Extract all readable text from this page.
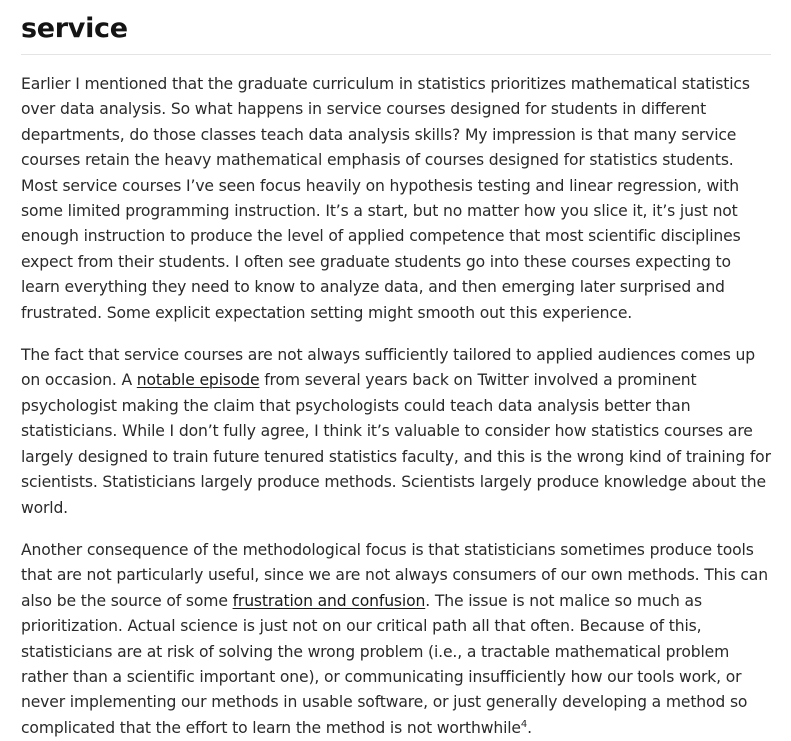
service

Earlier I mentioned that the graduate curriculum in statistics prioritizes mathematical statistics over data analysis. So what happens in service courses designed for students in different departments, do those classes teach data analysis skills? My impression is that many service courses retain the heavy mathematical emphasis of courses designed for statistics students. Most service courses I’ve seen focus heavily on hypothesis testing and linear regression, with some limited programming instruction. It’s a start, but no matter how you slice it, it’s just not enough instruction to produce the level of applied competence that most scientific disciplines expect from their students. I often see graduate students go into these courses expecting to learn everything they need to know to analyze data, and then emerging later surprised and frustrated. Some explicit expectation setting might smooth out this experience.

The fact that service courses are not always sufficiently tailored to applied audiences comes up on occasion. A notable episode from several years back on Twitter involved a prominent psychologist making the claim that psychologists could teach data analysis better than statisticians. While I don’t fully agree, I think it’s valuable to consider how statistics courses are largely designed to train future tenured statistics faculty, and this is the wrong kind of training for scientists. Statisticians largely produce methods. Scientists largely produce knowledge about the world.

Another consequence of the methodological focus is that statisticians sometimes produce tools that are not particularly useful, since we are not always consumers of our own methods. This can also be the source of some frustration and confusion. The issue is not malice so much as prioritization. Actual science is just not on our critical path all that often. Because of this, statisticians are at risk of solving the wrong problem (i.e., a tractable mathematical problem rather than a scientific important one), or communicating insufficiently how our tools work, or never implementing our methods in usable software, or just generally developing a method so complicated that the effort to learn the method is not worthwhile$^4$.
